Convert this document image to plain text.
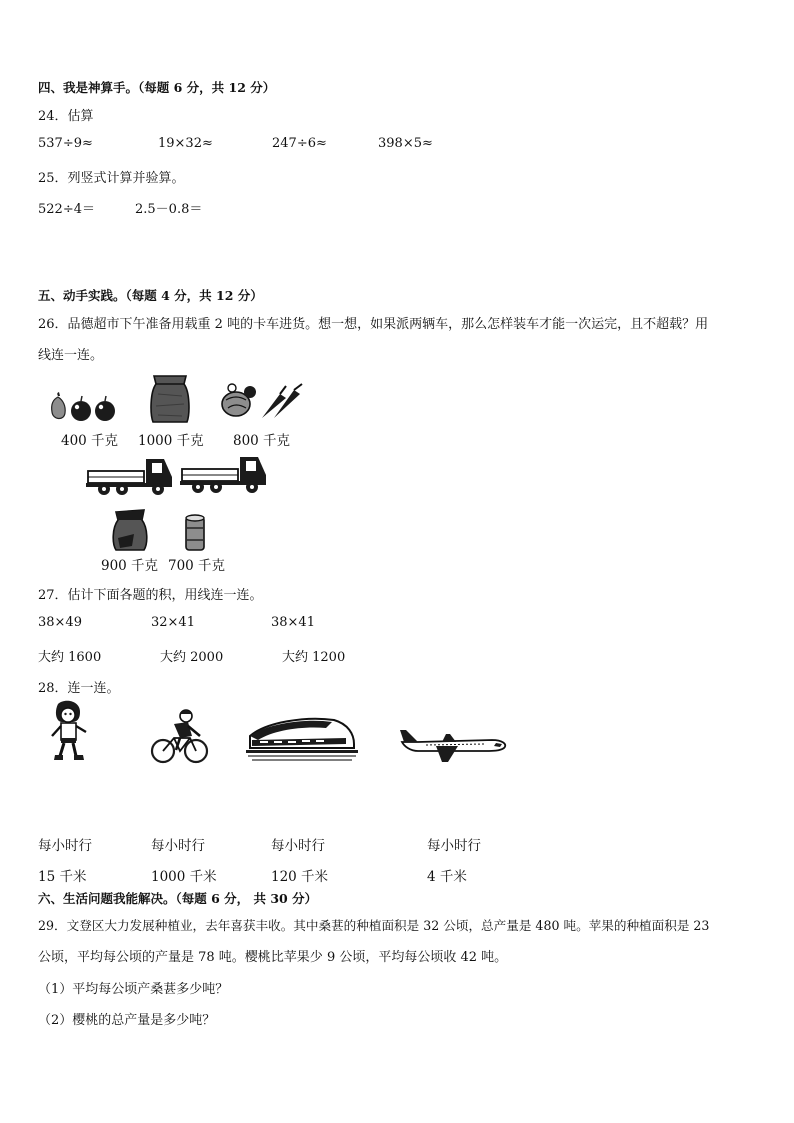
四、我是神算手。（每题 6 分，共 12 分）
24．估算
537÷9≈	19×32≈	247÷6≈	398×5≈
25．列竖式计算并验算。
522÷4＝	2.5－0.8＝
五、动手实践。（每题 4 分，共 12 分）
26．品德超市下午准备用载重 2 吨的卡车进货。想一想，如果派两辆车，那么怎样装车才能一次运完，且不超载？用
线连一连。
400 千克 1000 千克 800 千克
900 千克 700 千克
27．估计下面各题的积，用线连一连。
38×49	32×41	38×41
大约 1600	大约 2000	大约 1200
28．连一连。
每小时行	每小时行	每小时行	每小时行
15 千米	1000 千米	120 千米	4 千米
六、生活问题我能解决。（每题 6 分， 共 30 分）
29．文登区大力发展种植业，去年喜获丰收。其中桑葚的种植面积是 32 公顷，总产量是 480 吨。苹果的种植面积是 23
公顷，平均每公顷的产量是 78 吨。樱桃比苹果少 9 公顷，平均每公顷收 42 吨。
（1）平均每公顷产桑葚多少吨？
（2）樱桃的总产量是多少吨？
